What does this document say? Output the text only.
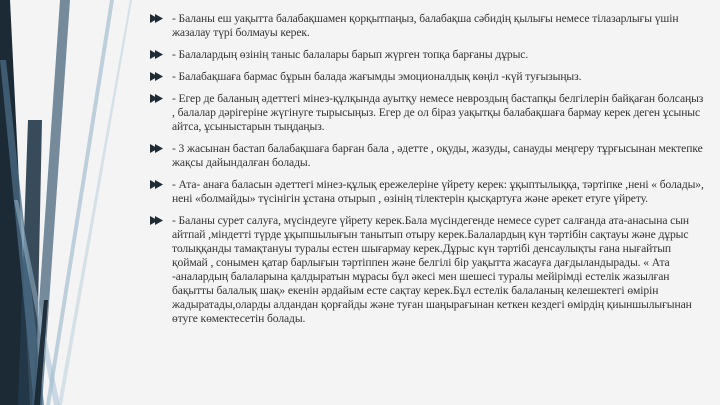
- Баланы еш уақытта балабақшамен қорқытпаңыз, балабақша сәбидің қылығы немесе тілазарлығы үшін жазалау түрі болмауы керек.
- Балалардың өзінің таныс балалары барып жүрген топқа барғаны дұрыс.
- Балабақшаға бармас бұрын балада жағымды эмоционалдық көңіл -күй туғызыңыз.
- Егер де баланың әдеттегі мінез-құлқында ауытқу немесе невроздың бастапқы белгілерін байқаған болсаңыз , балалар дәрігеріне жүгінуге тырысыңыз. Егер де ол біраз уақытқы балабақшаға бармау керек деген ұсыныс айтса, ұсыныстарын тыңдаңыз.
- 3 жасынан бастап балабақшаға барған бала , әдетте , оқуды, жазуды, санауды меңгеру тұрғысынан мектепке жақсы дайындалған болады.
- Ата- анаға баласын әдеттегі мінез-құлық ережелеріне үйрету керек: ұқыптылыққа, тәртіпке ,нені « болады», нені «болмайды» түсінігін ұстана отырып , өзінің тілектерін қысқартуға және әрекет етуге үйрету.
- Баланы сурет салуға, мүсіндеуге үйрету керек.Бала мүсіндегенде немесе сурет салғанда ата-анасына сын айтпай ,міндетті түрде ұқыпшылығын танытып отыру керек.Балалардың күн тәртібін сақтауы және дұрыс толыққанды тамақтануы туралы естен шығармау керек.Дұрыс күн тәртібі денсаулықты ғана нығайтып қоймай , сонымен қатар барлығын тәртіппен және белгілі бір уақытта жасауға дағдыландырады. « Ата -аналардың балаларына қалдыратын мұрасы бұл әкесі мен шешесі туралы мейірімді естелік жазылған бақытты балалық шақ» екенін әрдайым есте сақтау керек.Бұл естелік балаланың келешектегі өмірін жадыратады,оларды алдандан қорғайды және туған шаңырағынан кеткен кездегі өмірдің қиыншылығынан өтуге көмектесетін болады.
